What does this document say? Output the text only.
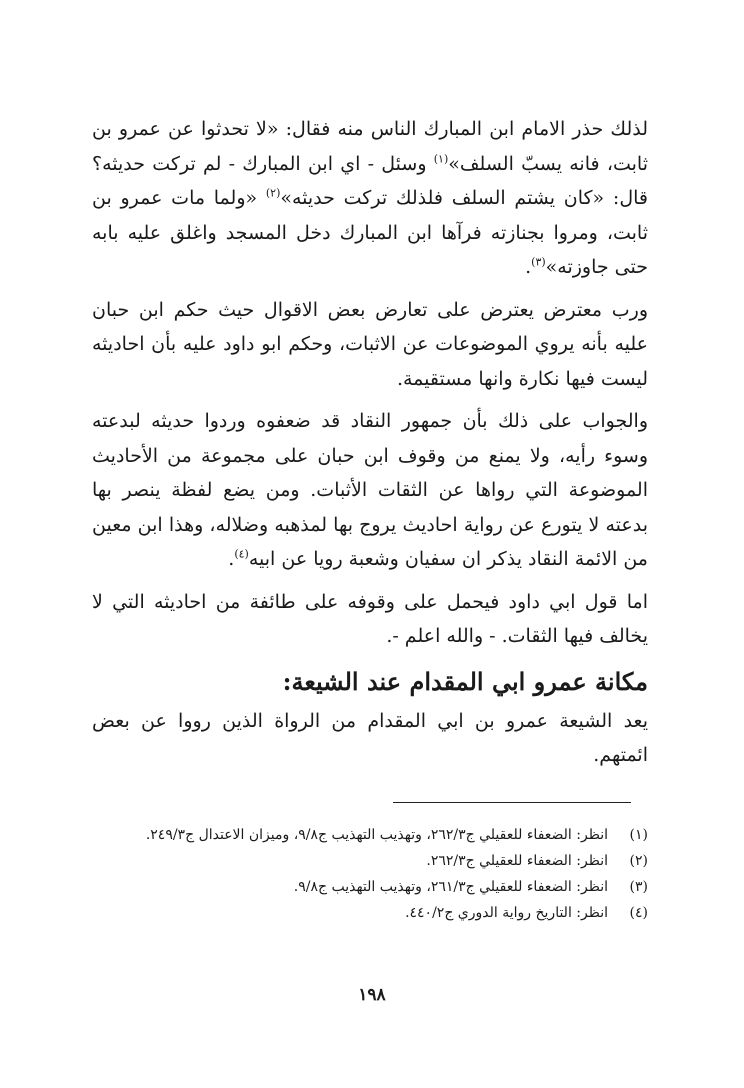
لذلك حذر الامام ابن المبارك الناس منه فقال: «لا تحدثوا عن عمرو بن ثابت، فانه يسبّ السلف»$^{(١)}$ وسئل - اي ابن المبارك - لم تركت حديثه؟ قال: «كان يشتم السلف فلذلك تركت حديثه»$^{(٢)}$ «ولما مات عمرو بن ثابت، ومروا بجنازته فرآها ابن المبارك دخل المسجد واغلق عليه بابه حتى جاوزته»$^{(٣)}$.

ورب معترض يعترض على تعارض بعض الاقوال حيث حكم ابن حبان عليه بأنه يروي الموضوعات عن الاثبات، وحكم ابو داود عليه بأن احاديثه ليست فيها نكارة وانها مستقيمة.

والجواب على ذلك بأن جمهور النقاد قد ضعفوه وردوا حديثه لبدعته وسوء رأيه، ولا يمنع من وقوف ابن حبان على مجموعة من الأحاديث الموضوعة التي رواها عن الثقات الأثبات. ومن يضع لفظة ينصر بها بدعته لا يتورع عن رواية احاديث يروج بها لمذهبه وضلاله، وهذا ابن معين من الائمة النقاد يذكر ان سفيان وشعبة رويا عن ابيه$^{(٤)}$.

اما قول ابي داود فيحمل على وقوفه على طائفة من احاديثه التي لا يخالف فيها الثقات. - والله اعلم -.

مكانة عمرو ابي المقدام عند الشيعة:

يعد الشيعة عمرو بن ابي المقدام من الرواة الذين رووا عن بعض ائمتهم.

(١)
انظر: الضعفاء للعقيلي ج٢٦٢/٣، وتهذيب التهذيب ج٩/٨، وميزان الاعتدال ج٢٤٩/٣.
(٢)
انظر: الضعفاء للعقيلي ج٢٦٢/٣.
(٣)
انظر: الضعفاء للعقيلي ج٢٦١/٣، وتهذيب التهذيب ج٩/٨.
(٤)
انظر: التاريخ رواية الدوري ج٤٤٠/٢.
١٩٨
